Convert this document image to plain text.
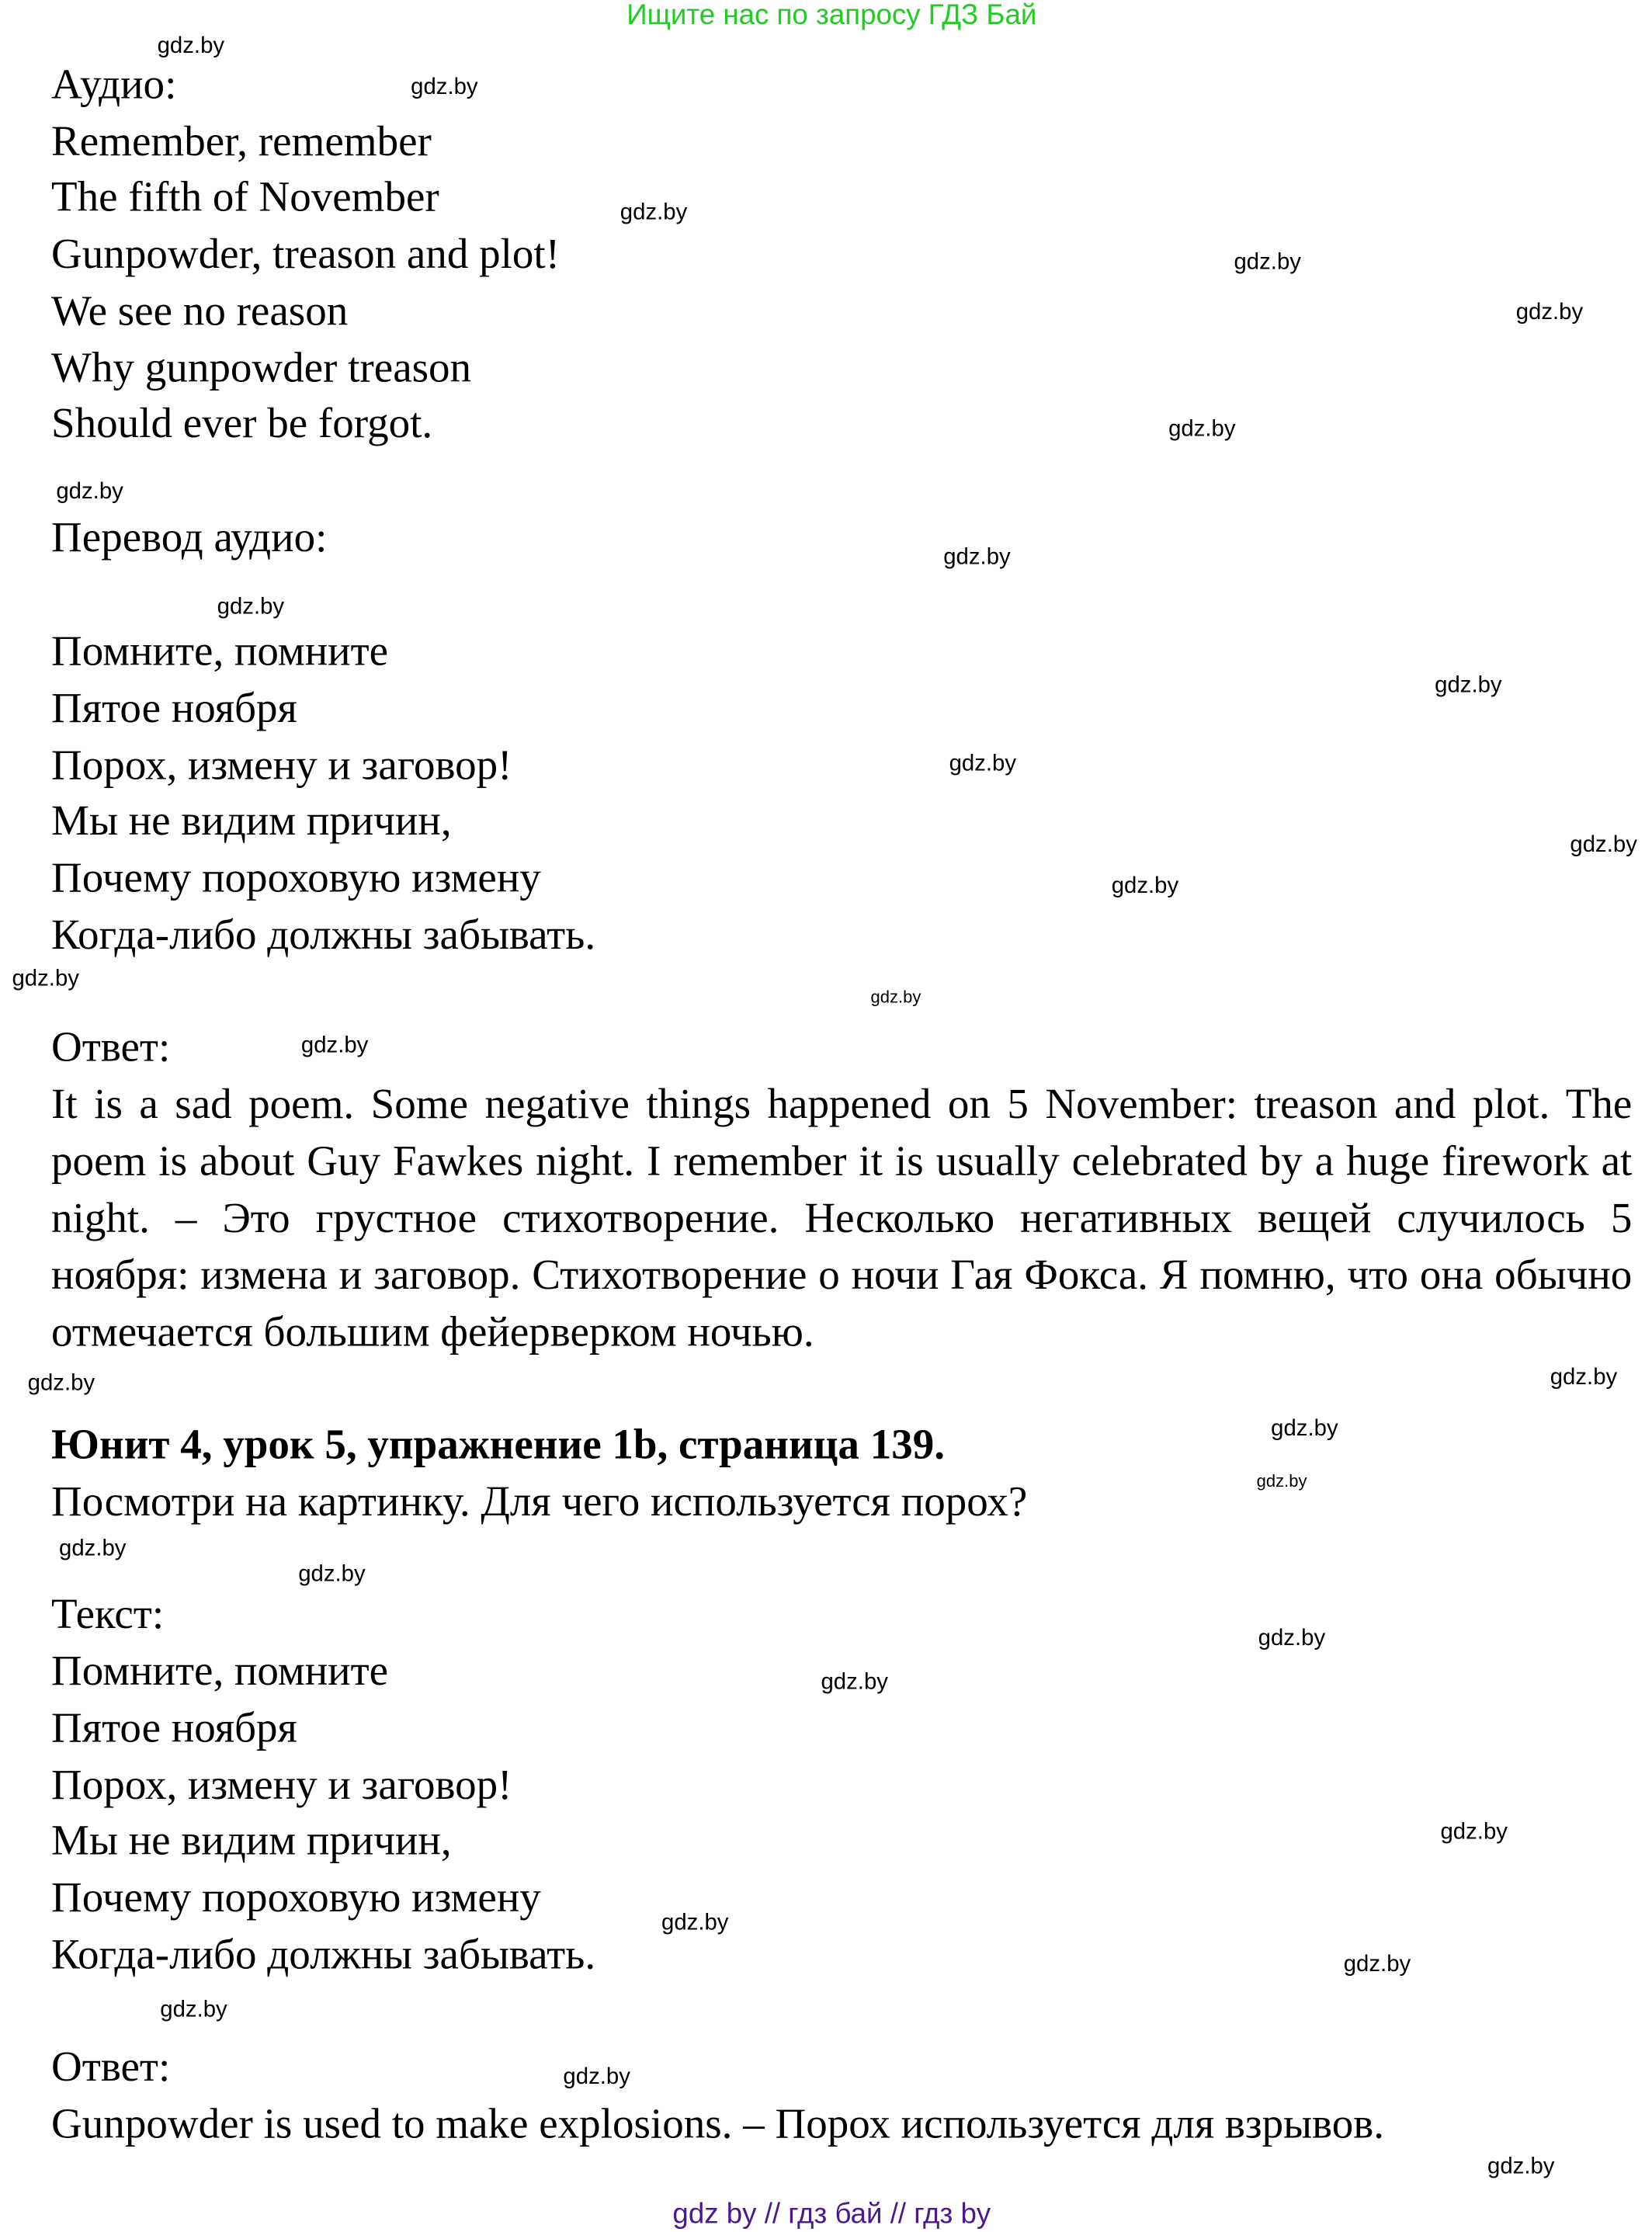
Ищите нас по запросу ГДЗ Бай
Аудио:
Remember, remember
The fifth of November
Gunpowder, treason and plot!
We see no reason
Why gunpowder treason
Should ever be forgot.
Перевод аудио:
Помните, помните
Пятое ноября
Порох, измену и заговор!
Мы не видим причин,
Почему пороховую измену
Когда-либо должны забывать.
Ответ:
It is a sad poem. Some negative things happened on 5 November: treason and plot. The poem is about Guy Fawkes night. I remember it is usually celebrated by a huge firework at night. – Это грустное стихотворение. Несколько негативных вещей случилось 5 ноября: измена и заговор. Стихотворение о ночи Гая Фокса. Я помню, что она обычно отмечается большим фейерверком ночью.
Юнит 4, урок 5, упражнение 1b, страница 139.
Посмотри на картинку. Для чего используется порох?
Текст:
Помните, помните
Пятое ноября
Порох, измену и заговор!
Мы не видим причин,
Почему пороховую измену
Когда-либо должны забывать.
Ответ:
Gunpowder is used to make explosions. – Порох используется для взрывов.
gdz by // гдз бай // гдз by
gdz.by
gdz.by
gdz.by
gdz.by
gdz.by
gdz.by
gdz.by
gdz.by
gdz.by
gdz.by
gdz.by
gdz.by
gdz.by
gdz.by
gdz.by
gdz.by
gdz.by
gdz.by
gdz.by
gdz.by
gdz.by
gdz.by
gdz.by
gdz.by
gdz.by
gdz.by
gdz.by
gdz.by
gdz.by
gdz.by
